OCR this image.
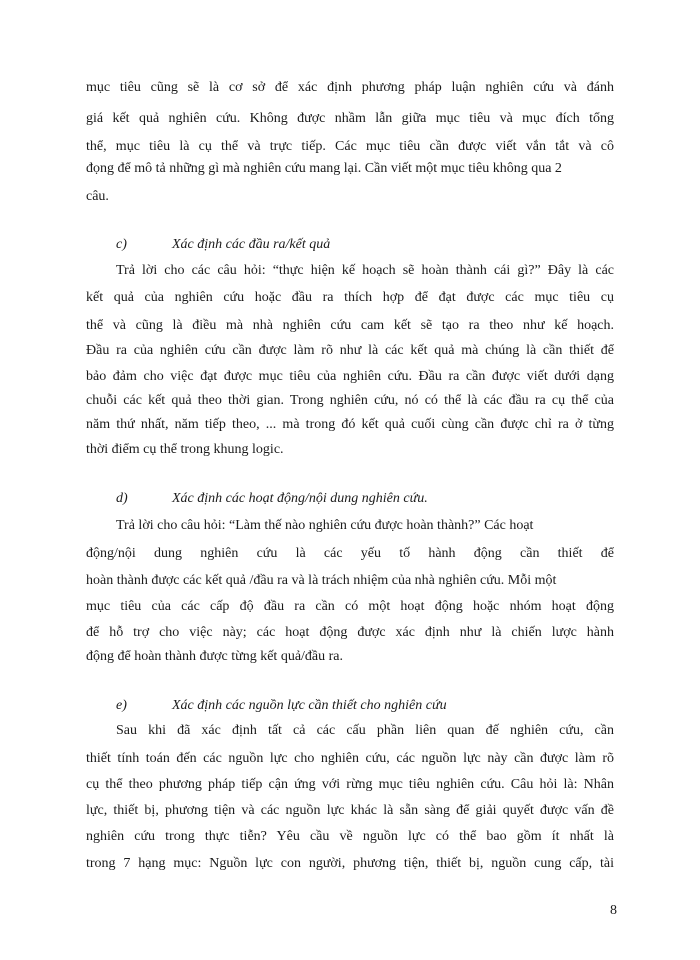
mục tiêu cũng sẽ là cơ sở để xác định phương pháp luận nghiên cứu và đánh
giá kết quả nghiên cứu. Không được nhầm lẫn giữa mục tiêu và mục đích tổng
thể, mục tiêu là cụ thể và trực tiếp. Các mục tiêu cần được viết vắn tắt và cô
đọng để mô tả những gì mà nghiên cứu mang lại. Cần viết một mục tiêu không qua 2
câu.
c)	Xác định các đầu ra/kết quả
Trả lời cho các câu hỏi: “thực hiện kế hoạch sẽ hoàn thành cái gì?” Đây là các
kết quả của nghiên cứu hoặc đầu ra thích hợp để đạt được các mục tiêu cụ
thể và cũng là điều mà nhà nghiên cứu cam kết sẽ tạo ra theo như kế hoạch.
Đầu ra của nghiên cứu cần được làm rõ như là các kết quả mà chúng là cần thiết để
bảo đảm cho việc đạt được mục tiêu của nghiên cứu. Đầu ra cần được viết dưới dạng
chuỗi các kết quả theo thời gian. Trong nghiên cứu, nó có thể là các đầu ra cụ thể của
năm thứ nhất, năm tiếp theo, ... mà trong đó kết quả cuối cùng cần được chỉ ra ở từng
thời điểm cụ thể trong khung logic.
d)	Xác định các hoạt động/nội dung nghiên cứu.
Trả lời cho câu hỏi: “Làm thế nào nghiên cứu được hoàn thành?” Các hoạt
động/nội dung nghiên cứu là các yếu tố hành động cần thiết để
hoàn thành được các kết quả /đầu ra và là trách nhiệm của nhà nghiên cứu. Mỗi một
mục tiêu của các cấp độ đầu ra cần có một hoạt động hoặc nhóm hoạt động
để hỗ trợ cho việc này; các hoạt động được xác định như là chiến lược hành
động để hoàn thành được từng kết quả/đầu ra.
e)	Xác định các nguồn lực cần thiết cho nghiên cứu
Sau khi đã xác định tất cả các cấu phần liên quan đế nghiên cứu, cần
thiết tính toán đến các nguồn lực cho nghiên cứu, các nguồn lực này cần được làm rõ
cụ thể theo phương pháp tiếp cận ứng với rừng mục tiêu nghiên cứu. Câu hỏi là: Nhân
lực, thiết bị, phương tiện và các nguồn lực khác là sẵn sàng để giải quyết được vấn đề
nghiên cứu trong thực tiễn? Yêu cầu về nguồn lực có thể bao gồm ít nhất là
trong 7 hạng mục: Nguồn lực con người, phương tiện, thiết bị, nguồn cung cấp, tài
8
